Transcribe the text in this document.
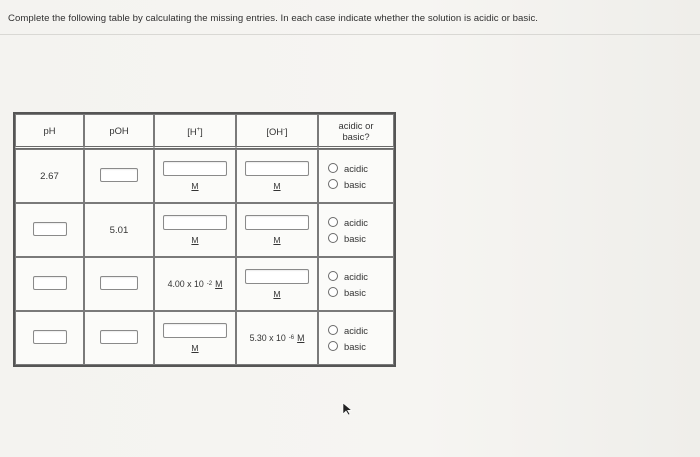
Complete the following table by calculating the missing entries. In each case indicate whether the solution is acidic or basic.
pH	pOH	[H+]	[OH-]	acidic or
basic?

2.67		M	M	acidic
basic

	5.01	M	M	acidic
basic

		4.00 x 10 -2 M	M	acidic
basic

		M	5.30 x 10 -6 M	acidic
basic
